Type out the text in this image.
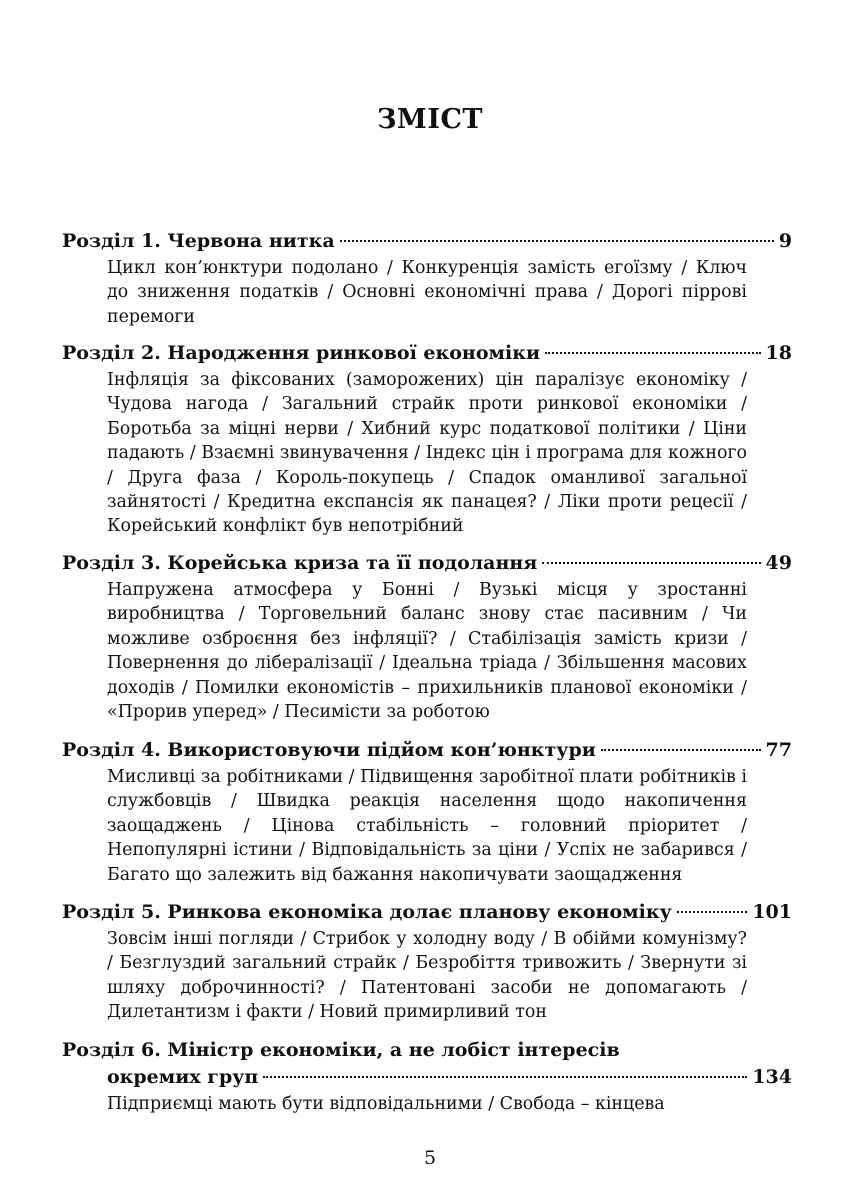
ЗМІСТ
Розділ 1. Червона нитка	9
Цикл кон’юнктури подолано / Конкуренція замість егоїзму / Ключ до зниження податків / Основні економічні права / Дорогі піррові перемоги
Розділ 2. Народження ринкової економіки	18
Інфляція за фіксованих (заморожених) цін паралізує економіку / Чудова нагода / Загальний страйк проти ринкової економіки / Боротьба за міцні нерви / Хибний курс податкової політики / Ціни падають / Взаємні звинувачення / Індекс цін і програма для кожного / Друга фаза / Король-покупець / Спадок оманливої загальної зайнятості / Кредитна експансія як панацея? / Ліки проти рецесії / Корейський конфлікт був непотрібний
Розділ 3. Корейська криза та її подолання	49
Напружена атмосфера у Бонні / Вузькі місця у зростанні виробництва / Торговельний баланс знову стає пасивним / Чи можливе озброєння без інфляції? / Стабілізація замість кризи / Повернення до лібералізації / Ідеальна тріада / Збільшення масових доходів / Помилки економістів – прихильників планової економіки / «Прорив уперед» / Песимісти за роботою
Розділ 4. Використовуючи підйом кон’юнктури	77
Мисливці за робітниками / Підвищення заробітної плати робітників і службовців / Швидка реакція населення щодо накопичення заощаджень / Цінова стабільність – головний пріоритет / Непопулярні істини / Відповідальність за ціни / Успіх не забарився / Багато що залежить від бажання накопичувати заощадження
Розділ 5. Ринкова економіка долає планову економіку	101
Зовсім інші погляди / Стрибок у холодну воду / В обійми комунізму? / Безглуздий загальний страйк / Безробіття тривожить / Звернути зі шляху доброчинності? / Патентовані засоби не допомагають / Дилетантизм і факти / Новий примирливий тон
Розділ 6. Міністр економіки, а не лобіст інтересів
окремих груп	134
Підприємці мають бути відповідальними / Свобода – кінцева
5
